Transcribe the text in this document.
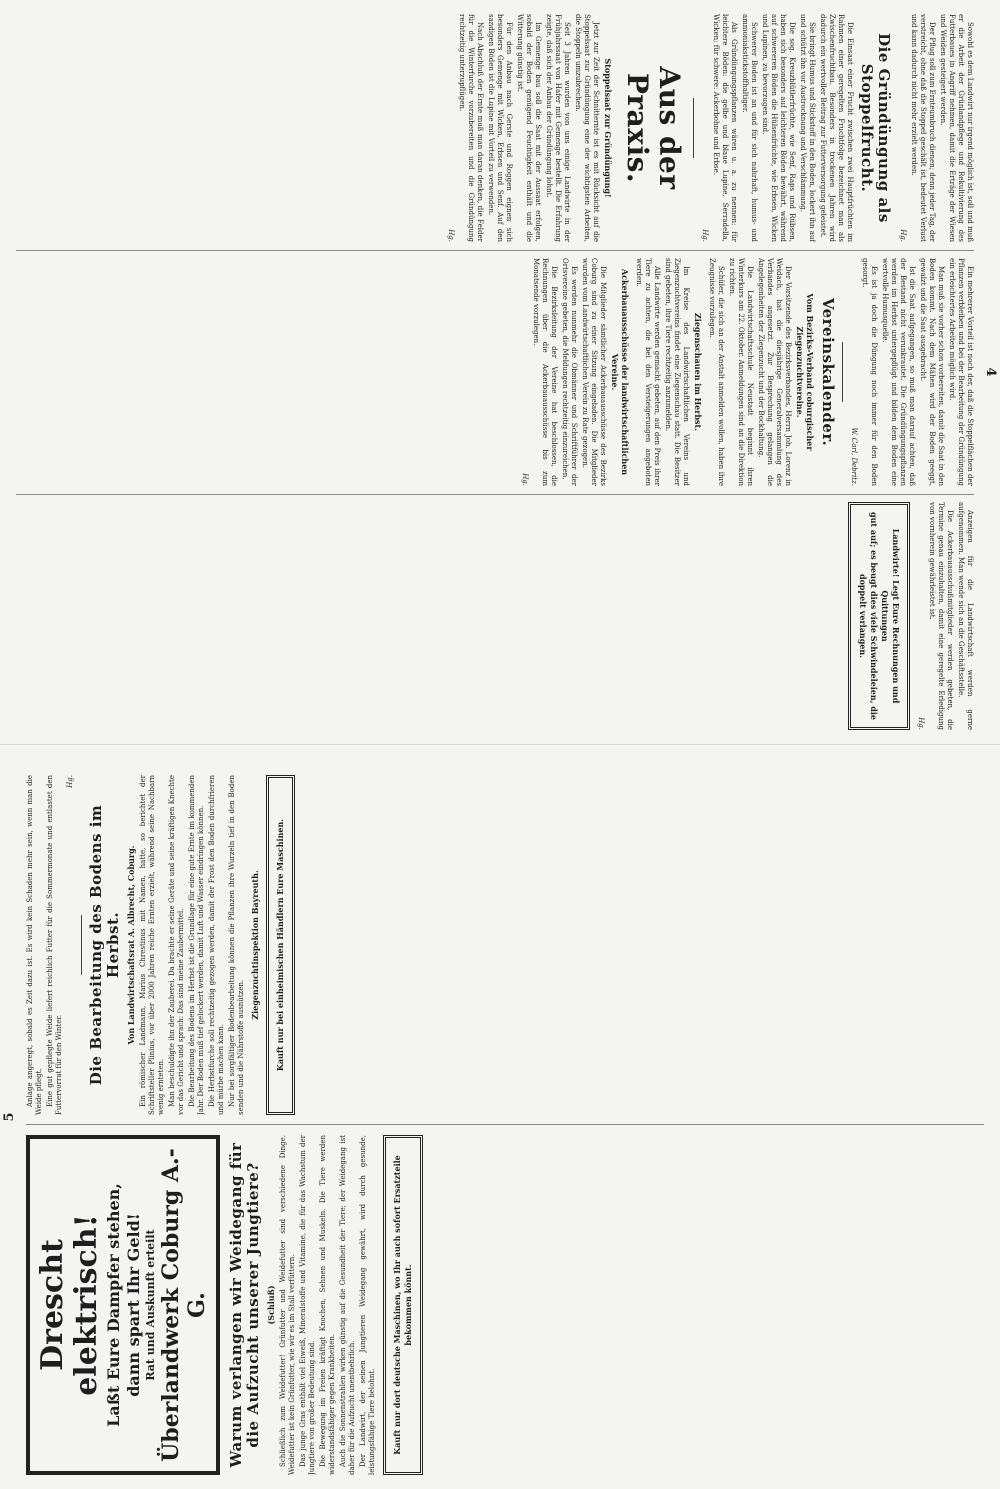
4

Sowohl es dem Landwirt nur irgend möglich ist, soll und muß er die Arbeit der Grünlandpflege und Rekultivierung des Futterbaues in Angriff nehmen, damit die Erträge der Wiesen und Weiden gesteigert werden.

Der Pflug soll zum Ernteumbruch dienen; denn jeder Tag, der verstreicht, ohne daß die Stoppel geschält ist, bedeutet Verlust und kann dadurch nicht mehr erzielt werden.

Hg.

Die Gründüngung als Stoppelfrucht.

Die Einsaat einer Frucht zwischen zwei Hauptfrüchten im Rahmen einer geregelten Fruchtfolge bezeichnet man als Zwischenfruchtbau. Besonders in trockenen Jahren wird dadurch ein wertvoller Beitrag zur Futterversorgung geleistet.

Sie bringt Humus und Stickstoff in den Boden, lockert ihn auf und schützt ihn vor Austrocknung und Verschlämmung.

Die sog. Kreuzblütlerfrüchte, wie Senf, Raps und Rübsen, haben sich besonders auf leichteren Böden bewährt, während auf schwereren Böden die Hülsenfrüchte, wie Erbsen, Wicken und Lupinen, zu bevorzugen sind.

Schwerer Boden ist an und für sich nahrhaft, humus- und ammoniakstickstoffhaltiger.

Als Gründüngungspflanzen wären u. a. zu nennen: für leichtere Böden: die gelbe und blaue Lupine, Serradella, Wicken; für schwere: Ackerbohne und Erbse.

Hg.

Aus der Praxis.
Stoppelsaat zur Gründüngung!

Jetzt zur Zeit der Schnitternte ist es mit Rücksicht auf die Stoppelsaat zur Gründüngung eine der wichtigsten Arbeiten, die Stoppeln umzubrechen.

Seit 3 Jahren wurden von uns einige Landwirte in der Frühjahrssaat von Hafer mit Gemenge bestellt. Die Erfahrung zeigte, daß sich der Anbau der Gründüngung lohnt.

Im Gemenge bau soll die Saat mit der Aussaat erfolgen, sobald der Boden genügend Feuchtigkeit enthält und die Witterung günstig ist.

Für den Anbau nach Gerste und Roggen eignen sich besonders Gemenge mit Wicken, Erbsen und Senf. Auf den sandigen Böden ist die Lupine mit Vorteil zu verwenden.

Nach Abschluß der Ernte muß man daran denken, die Felder für die Winterfurche vorzubereiten und die Gründüngung rechtzeitig unterzupflügen.

Hg.

Ein mehrerer Vorteil ist noch der, daß die Stoppelflächen der Pflanzen verbleiben und bei der Bearbeitung der Gründüngung ein erleichtertes Arbeiten möglich wird.

Man muß sie vorher schon vorbereiten, damit die Saat in den Boden kommt. Nach dem Mähen wird der Boden geeggt, gewalzt und die Saat ausgebracht.

Ist die Saat aufgegangen, so muß man darauf achten, daß der Bestand nicht verunkrautet. Die Gründüngungspflanzen werden im Herbst untergepflügt und bilden dem Boden eine wertvolle Humusquelle.

Es ist ja doch die Düngung noch immer für den Boden gesorgt.

W. Carl, Debritz.

Vereinskalender.
Vom Bezirks-Verband coburgischer Ziegenzuchtvereine.

Der Vorsitzende des Bezirksverbandes, Herrn Joh. Lorenz in Weidach, hat die diesjährige Generalversammlung des Verbandes angesetzt. Zur Besprechung gelangen die Angelegenheiten der Ziegenzucht und der Bockhaltung.

Die Landwirtschaftsschule Neustadt beginnt ihren Winterkurs am 22. Oktober. Anmeldungen sind an die Direktion zu richten.

Schüler, die sich an der Anstalt anmelden wollen, haben ihre Zeugnisse vorzulegen.

Ziegenschauen im Herbst.

Im Kreise des Landwirtschaftlichen Vereins und Ziegenzuchtvereins findet eine Ziegenschau statt. Die Besitzer sind gebeten, ihre Tiere rechtzeitig anzumelden.

Alle Landwirte werden gemacht gebeten, auf den Preis ihrer Tiere zu achten, die bei den Versteigerungen angeboten werden.

Ackerbauausschüsse der landwirtschaftlichen Vereine.

Die Mitglieder sämtlicher Ackerbauausschüsse des Bezirks Coburg sind zu einer Sitzung eingeladen. Die Mitglieder wurden vom Landwirtschaftlichen Verein zu Rate gezogen.

Es werden nunmehr die Obmänner und Schriftführer der Ortsvereine gebeten, die Meldungen rechtzeitig einzureichen.

Die Bezirksleitung der Vereine hat beschlossen, die Rechnungen über die Ackerbauausschüsse bis zum Monatsende vorzulegen.

Hg.

Anzeigen für die Landwirtschaft werden gerne aufgenommen. Man wende sich an die Geschäftsstelle.

Die Ackerbauausschußmitglieder werden gebeten, die Termine genau einzuhalten, damit eine geregelte Erledigung von vornherein gewährleistet ist.

Hg.

Landwirte! Legt Eure Rechnungen und Quittungen
gut auf; es beugt dies viele Schwindeleien, die
doppelt verlangen.
5
Drescht elektrisch! Laßt Eure Dampfer stehen, dann spart Ihr Geld! Rat und Auskunft erteilt Überlandwerk Coburg A.-G. Warum verlangen wir Weidegang für die Aufzucht unserer Jungtiere? (Schluß) Schließlich zum Weidefutter! Grünfutter und Weidefutter sind verschiedene Dinge. Weidefutter ist kein Grünfutter, wie wir es im Stall verfüttern. Das junge Gras enthält viel Eiweiß, Mineralstoffe und Vitamine, die für das Wachstum der Jungtiere von großer Bedeutung sind. Die Bewegung im Freien kräftigt Knochen, Sehnen und Muskeln. Die Tiere werden widerstandsfähiger gegen Krankheiten. Auch die Sonnenstrahlen wirken günstig auf die Gesundheit der Tiere; der Weidegang ist daher für die Aufzucht unentbehrlich. Der Landwirt, der seinen Jungtieren Weidegang gewährt, wird durch gesunde, leistungsfähige Tiere belohnt.	Kauft nur dort deutsche Maschinen, wo Ihr auch sofort Ersatzteile bekommen könnt.

Anlage angeregt, sobald es Zeit dazu ist. Es wird kein Schaden mehr sein, wenn man die Weide pflegt. Eine gut gepflegte Weide liefert reichlich Futter für die Sommermonate und entlastet den Futtervorrat für den Winter.

Hg.

Die Bearbeitung des Bodens im Herbst. Von Landwirtschaftsrat A. Albrecht, Coburg. Ein römischer Landmann, Marius Chrestinus mit Namen, hatte, so berichtet der Schriftsteller Plinius, vor über 2000 Jahren reiche Ernten erzielt, während seine Nachbarn wenig ernteten. Man beschuldigte ihn der Zauberei. Da brachte er seine Geräte und seine kräftigen Knechte vor das Gericht und sprach: Das sind meine Zaubermittel. Die Bearbeitung des Bodens im Herbst ist die Grundlage für eine gute Ernte im kommenden Jahr. Der Boden muß tief gelockert werden, damit Luft und Wasser eindringen können. Die Herbstfurche soll rechtzeitig gezogen werden, damit der Frost den Boden durchfrieren und mürbe machen kann. Nur bei sorgfältiger Bodenbearbeitung können die Pflanzen ihre Wurzeln tief in den Boden senden und die Nährstoffe ausnützen.

Ziegenzuchtinspektion Bayreuth.	Kauft nur bei einheimischen Händlern Eure Maschinen.
